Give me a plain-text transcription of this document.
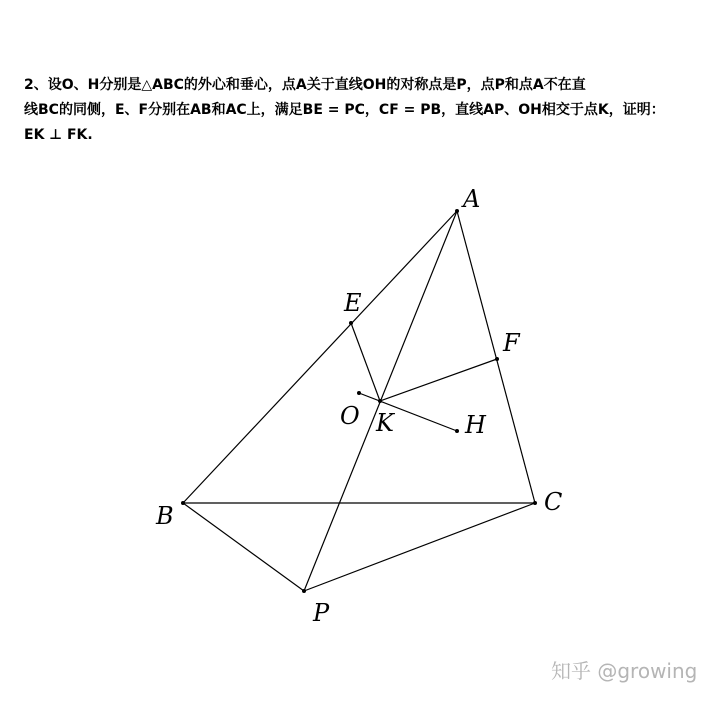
2、设O、H分别是△ABC的外心和垂心，点A关于直线OH的对称点是P，点P和点A不在直
线BC的同侧，E、F分别在AB和AC上，满足BE = PC，CF = PB，直线AP、OH相交于点K，证明：
EK ⊥ FK.
A
B	C
E
F
O K	H
P
知乎 @growing
